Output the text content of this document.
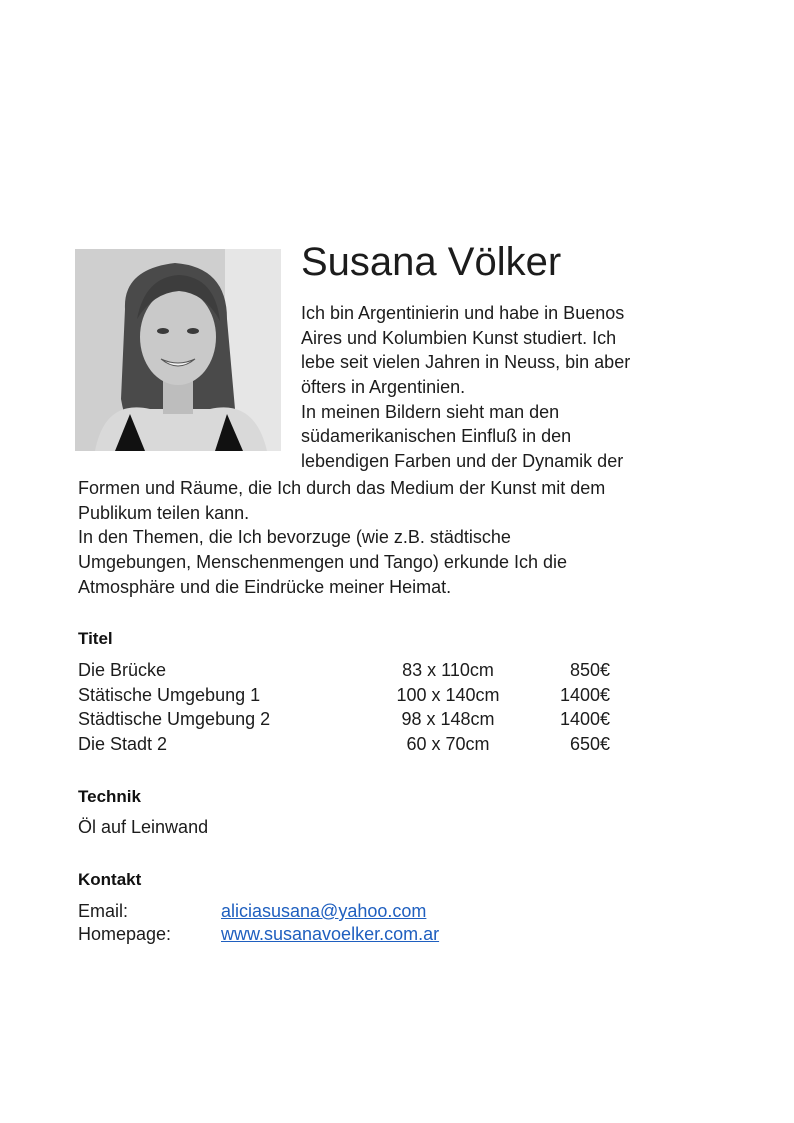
Susana Völker
Ich bin Argentinierin und habe in Buenos
Aires und Kolumbien Kunst studiert. Ich
lebe seit vielen Jahren in Neuss, bin aber
öfters in Argentinien.
In meinen Bildern sieht man den
südamerikanischen Einfluß in den
lebendigen Farben und der Dynamik der
Formen und Räume, die Ich durch das Medium der Kunst mit dem
Publikum teilen kann.
In den Themen, die Ich bevorzuge (wie z.B. städtische
Umgebungen, Menschenmengen und Tango) erkunde Ich die
Atmosphäre und die Eindrücke meiner Heimat.
Titel
Die Brücke	83 x 110cm	850€
Stätische Umgebung 1	100 x 140cm	1400€
Städtische Umgebung 2	98 x 148cm	1400€
Die Stadt 2	60 x 70cm	650€
Technik
Öl auf Leinwand
Kontakt
Email:	aliciasusana@yahoo.com
Homepage:	www.susanavoelker.com.ar
